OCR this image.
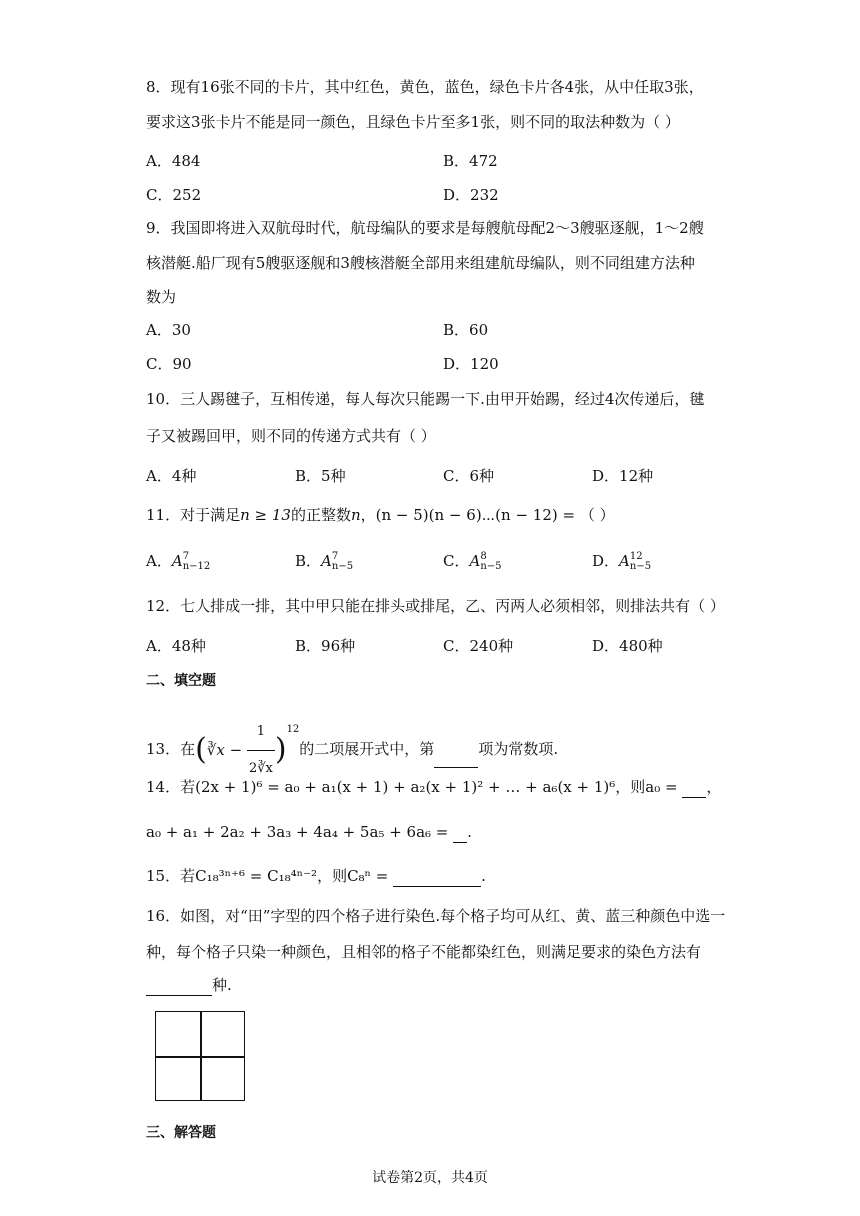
8．现有16张不同的卡片，其中红色，黄色，蓝色，绿色卡片各4张，从中任取3张，
要求这3张卡片不能是同一颜色，且绿色卡片至多1张，则不同的取法种数为（ ）
A．484	B．472
C．252	D．232
9．我国即将进入双航母时代，航母编队的要求是每艘航母配2～3艘驱逐舰，1～2艘
核潜艇.船厂现有5艘驱逐舰和3艘核潜艇全部用来组建航母编队，则不同组建方法种
数为
A．30	B．60
C．90	D．120
10．三人踢毽子，互相传递，每人每次只能踢一下.由甲开始踢，经过4次传递后，毽
子又被踢回甲，则不同的传递方式共有（ ）
A．4种	B．5种	C．6种	D．12种
11．对于满足n ≥ 13的正整数n，(n − 5)(n − 6)⋯(n − 12) = （ ）
A．A 7
n−12	B．A 7
n−5	C．A 8
n−5	D．A 12
n−5
12．七人排成一排，其中甲只能在排头或排尾，乙、丙两人必须相邻，则排法共有（ ）
A．48种	B．96种	C．240种	D．480种
二、填空题
13．在(∛x − $\frac{1}{2∛x} )^{12}$的二项展开式中，第	项为常数项.
14．若(2x + 1)⁶ = a₀ + a₁(x + 1) + a₂(x + 1)² + … + a₆(x + 1)⁶，则a₀ =  ，
a₀ + a₁ + 2a₂ + 3a₃ + 4a₄ + 5a₅ + 6a₆ =  .
15．若C₁₈³ⁿ⁺⁶ = C₁₈⁴ⁿ⁻²，则C₈ⁿ =	.
16．如图，对“田”字型的四个格子进行染色.每个格子均可从红、黄、蓝三种颜色中选一
种，每个格子只染一种颜色，且相邻的格子不能都染红色，则满足要求的染色方法有
种.
三、解答题
试卷第2页，共4页
